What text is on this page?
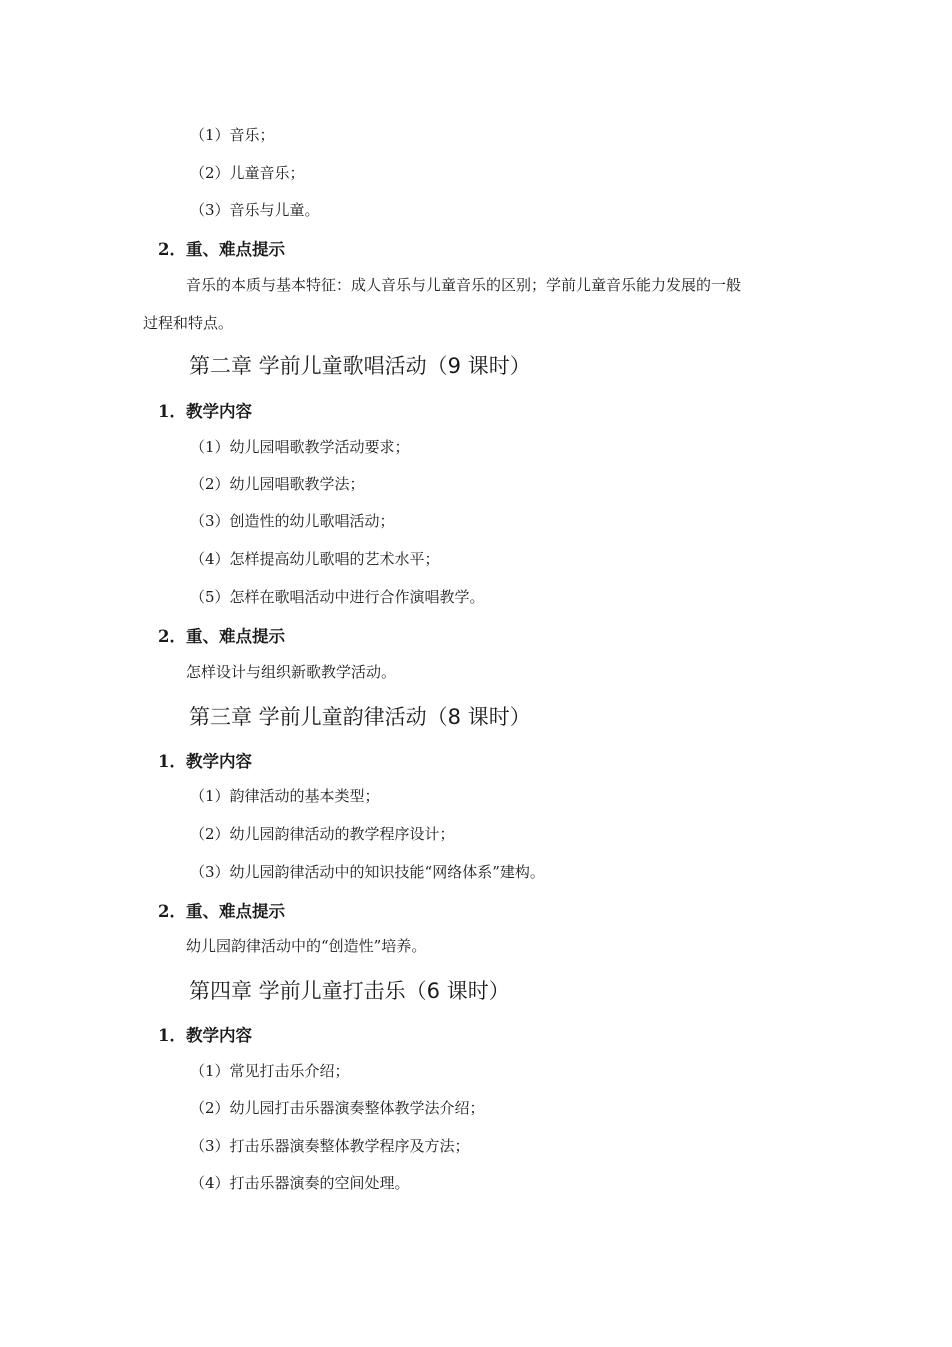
（1）音乐；
（2）儿童音乐；
（3）音乐与儿童。
2．重、难点提示
音乐的本质与基本特征：成人音乐与儿童音乐的区别；学前儿童音乐能力发展的一般
过程和特点。
第二章 学前儿童歌唱活动（9 课时）
1．教学内容
（1）幼儿园唱歌教学活动要求；
（2）幼儿园唱歌教学法；
（3）创造性的幼儿歌唱活动；
（4）怎样提高幼儿歌唱的艺术水平；
（5）怎样在歌唱活动中进行合作演唱教学。
2．重、难点提示
怎样设计与组织新歌教学活动。
第三章 学前儿童韵律活动（8 课时）
1．教学内容
（1）韵律活动的基本类型；
（2）幼儿园韵律活动的教学程序设计；
（3）幼儿园韵律活动中的知识技能“网络体系”建构。
2．重、难点提示
幼儿园韵律活动中的“创造性”培养。
第四章 学前儿童打击乐（6 课时）
1．教学内容
（1）常见打击乐介绍；
（2）幼儿园打击乐器演奏整体教学法介绍；
（3）打击乐器演奏整体教学程序及方法；
（4）打击乐器演奏的空间处理。
